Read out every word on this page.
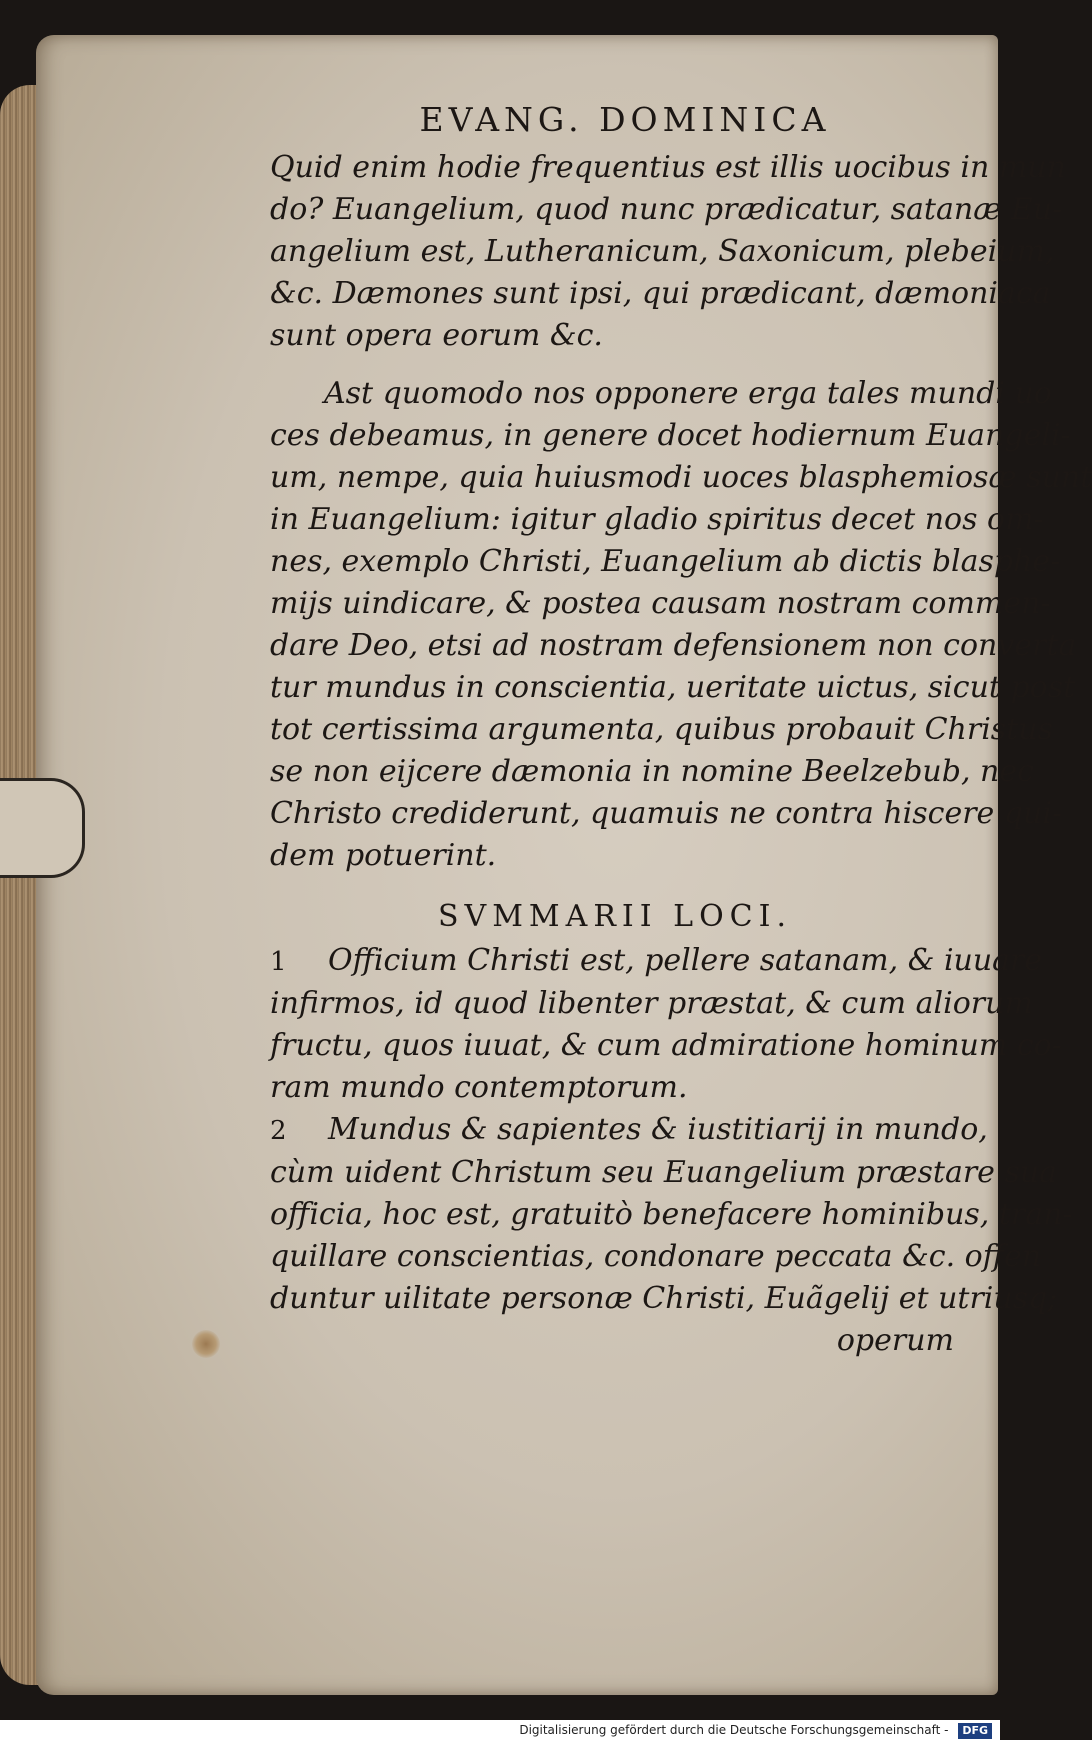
EVANG. DOMINICA
Quid enim hodie frequentius est illis uocibus in mun
do? Euangelium, quod nunc prædicatur, satanæ Eu-
angelium est, Lutheranicum, Saxonicum, plebeium,
&c. Dæmones sunt ipsi, qui prædicant, dæmoniaca
sunt opera eorum &c.
Ast quomodo nos opponere erga tales mundi uo
ces debeamus, in genere docet hodiernum Euangeli-
um, nempe, quia huiusmodi uoces blasphemiosæ sunt
in Euangelium: igitur gladio spiritus decet nos om-
nes, exemplo Christi, Euangelium ab dictis blasphe-
mijs uindicare, & postea causam nostram commen-
dare Deo, etsi ad nostram defensionem non converta
tur mundus in conscientia, ueritate uictus, sicut post
tot certissima argumenta, quibus probauit Christus
se non eijcere dæmonia in nomine Beelzebub, nec
Christo crediderunt, quamuis ne contra hiscere qui-
dem potuerint.
SVMMARII LOCI.
1 Officium Christi est, pellere satanam, & iuuare
infirmos, id quod libenter præstat, & cum aliorum
fructu, quos iuuat, & cum admiratione hominum co-
ram mundo contemptorum.
2 Mundus & sapientes & iustitiarij in mundo,
cùm uident Christum seu Euangelium præstare sua
officia, hoc est, gratuitò benefacere hominibus, tran-
quillare conscientias, condonare peccata &c. offen
duntur uilitate personæ Christi, Euãgelij et utriusq;
operum
Digitalisierung gefördert durch die Deutsche Forschungsgemeinschaft - DFG
